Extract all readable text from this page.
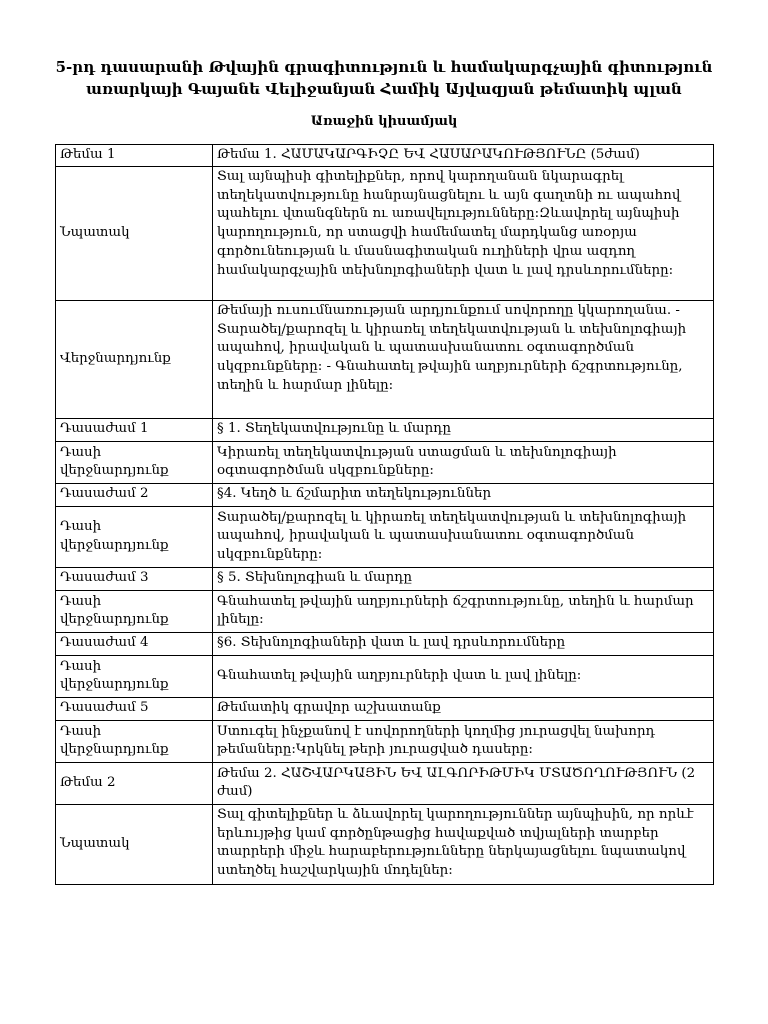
5-րդ դասարանի Թվային գրագիտություն և համակարգչային գիտություն առարկայի Գայանե Վելիջանյան Համիկ Այվազյան թեմատիկ պլան
Առաջին կիսամյակ
Թեմա 1	Թեմա 1. ՀԱՄԱԿԱՐԳԻՉԸ ԵՎ ՀԱՍԱՐԱԿՈՒԹՅՈՒՆԸ (5ժամ)
Նպատակ	Տալ այնպիսի գիտելիքներ, որով կարողանան նկարագրել տեղեկատվությունը հանրայնացնելու և այն գաղտնի ու ապահով պահելու վտանգներն ու առավելությունները:Զևավորել այնպիսի կարողություն, որ ստացվի համեմատել մարդկանց առօրյա գործունեության և մասնագիտական ուղիների վրա ազդող համակարգչային տեխնոլոգիաների վատ և լավ դրսևորումները:
Վերջնարդյունք	Թեմայի ուսումնառության արդյունքում սովորողը կկարողանա. - Տարածել/քարոզել և կիրառել տեղեկատվության և տեխնոլոգիայի ապահով, իրավական և պատասխանատու օգտագործման սկզբունքները: - Գնահատել թվային աղբյուրների ճշգրտությունը, տեղին և հարմար լինելը:
Դասաժամ 1	§ 1. Տեղեկատվությունը և մարդը
Դասի վերջնարդյունք	Կիրառել տեղեկատվության ստացման և տեխնոլոգիայի օգտագործման սկզբունքները:
Դասաժամ 2	§4. Կեղծ և ճշմարիտ տեղեկություններ
Դասի վերջնարդյունք	Տարածել/քարոզել և կիրառել տեղեկատվության և տեխնոլոգիայի ապահով, իրավական և պատասխանատու օգտագործման սկզբունքները:
Դասաժամ 3	§ 5. Տեխնոլոգիան և մարդը
Դասի վերջնարդյունք	Գնահատել թվային աղբյուրների ճշգրտությունը, տեղին և հարմար լինելը:
Դասաժամ 4	§6. Տեխնոլոգիաների վատ և լավ դրսևորումները
Դասի վերջնարդյունք	Գնահատել թվային աղբյուրների վատ և լավ լինելը:
Դասաժամ 5	Թեմատիկ գրավոր աշխատանք
Դասի վերջնարդյունք	Ստուգել ինչքանով է սովորողների կողմից յուրացվել նախորդ թեմաները:Կրկնել թերի յուրացված դասերը:
Թեմա 2	Թեմա 2. ՀԱՇՎԱՐԿԱՅԻՆ ԵՎ ԱԼԳՈՐԻԹՄԻԿ ՄՏԱԾՈՂՈՒԹՅՈՒՆ (2 ժամ)
Նպատակ	Տալ գիտելիքներ և ձևավորել կարողություններ այնպիսին, որ որևէ երևույթից կամ գործընթացից հավաքված տվյալների տարբեր տարրերի միջև հարաբերությունները ներկայացնելու նպատակով ստեղծել հաշվարկային մոդելներ:
